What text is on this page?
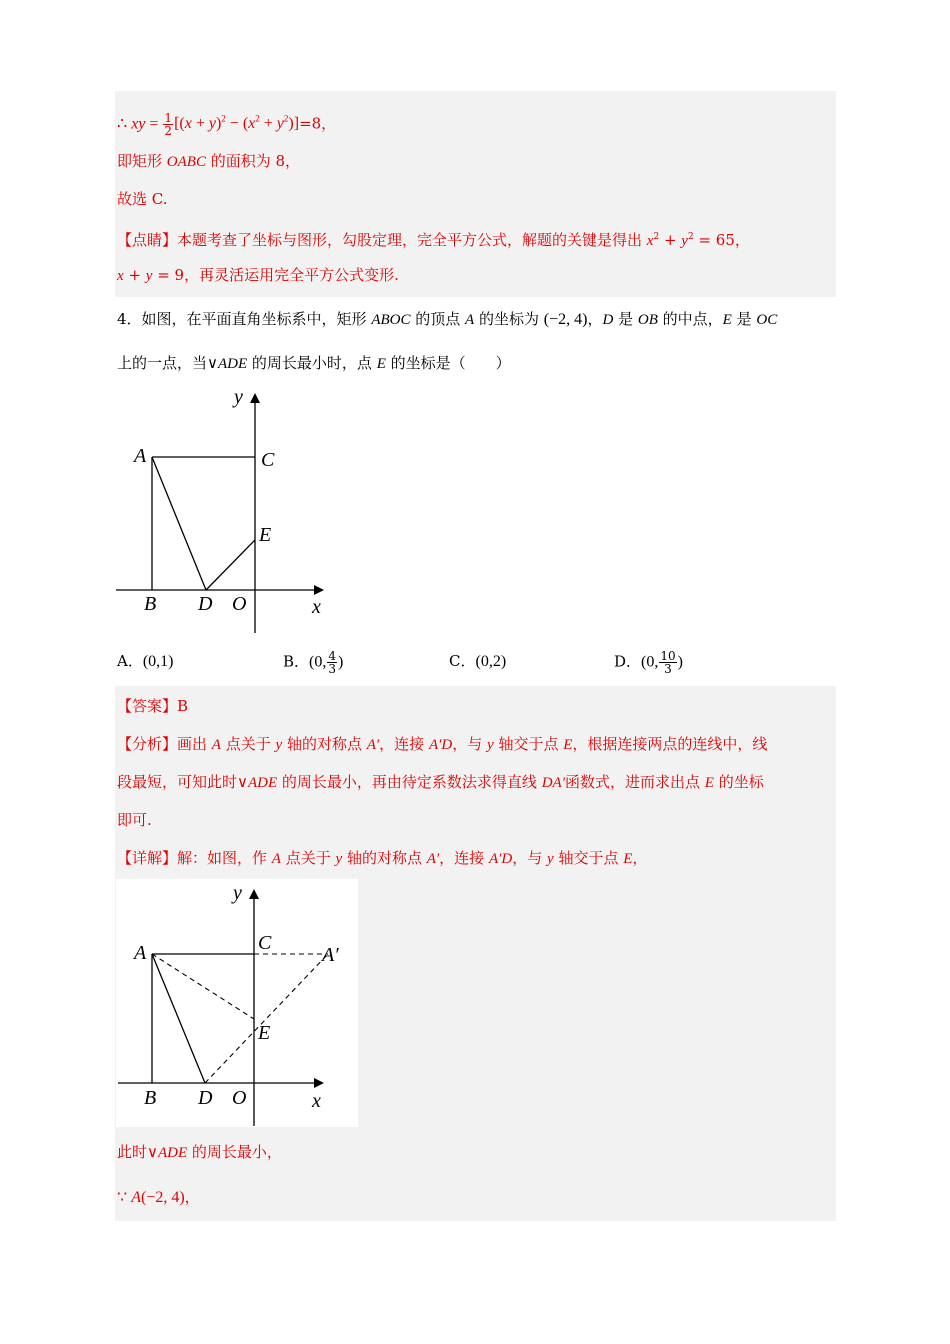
∴ xy = $\frac{1}{2} [(x + y)^2 - (x^2 + y^2)]=8$，
即矩形 OABC 的面积为 8，
故选 C.
【点睛】本题考查了坐标与图形，勾股定理，完全平方公式，解题的关键是得出 $x^2 + y^2 = 65$，
x + y = 9，再灵活运用完全平方公式变形.
4．如图，在平面直角坐标系中，矩形 ABOC 的顶点 A 的坐标为 (−2, 4)，D 是 OB 的中点，E 是 OC
上的一点，当∨ADE 的周长最小时，点 E 的坐标是（　　）
y
A	C
E
B D O	x
A．(0,1)	B．(0, $\frac{4}{3}$ )	C．(0,2)	D．(0, $\frac{10}{3}$ )
【答案】B
【分析】画出 A 点关于 y 轴的对称点 A′，连接 A′D，与 y 轴交于点 E，根据连接两点的连线中，线
段最短，可知此时∨ADE 的周长最小，再由待定系数法求得直线 DA′函数式，进而求出点 E 的坐标
即可.
【详解】解：如图，作 A 点关于 y 轴的对称点 A′，连接 A′D，与 y 轴交于点 E，
y
A	C
A′
E
B D O	x
此时∨ADE 的周长最小，
∵ A(−2, 4)，
